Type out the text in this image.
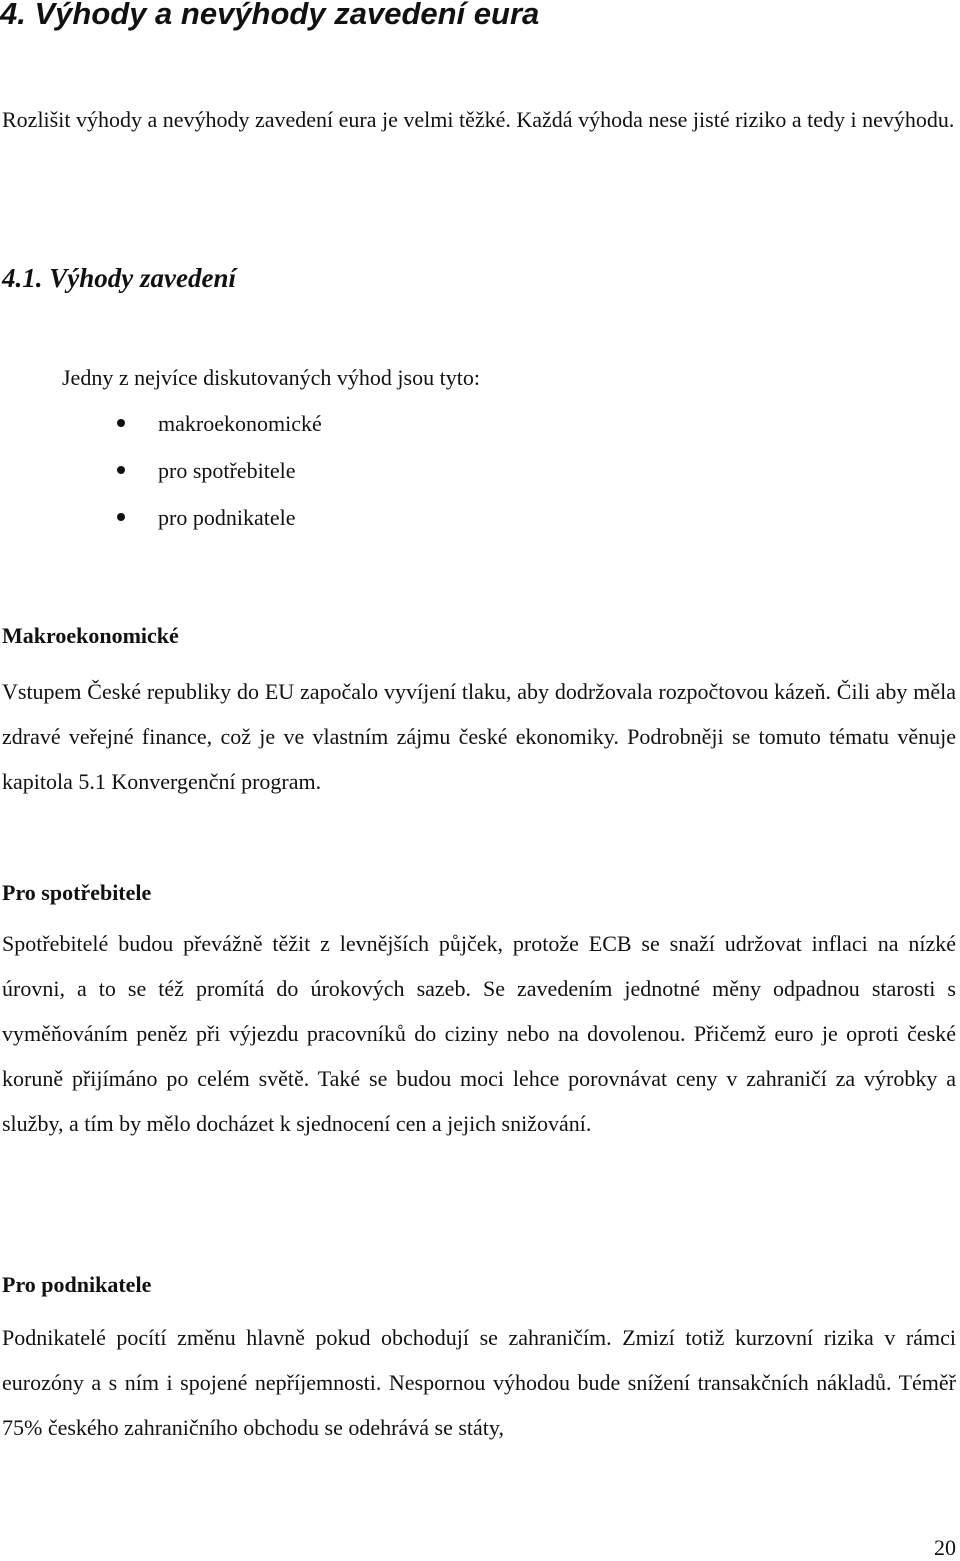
4. Výhody a nevýhody zavedení eura

Rozlišit výhody a nevýhody zavedení eura je velmi těžké. Každá výhoda nese jisté riziko a tedy i nevýhodu.

4.1. Výhody zavedení

Jedny z nejvíce diskutovaných výhod jsou tyto:

makroekonomické
pro spotřebitele
pro podnikatele
Makroekonomické

Vstupem České republiky do EU započalo vyvíjení tlaku, aby dodržovala rozpočtovou kázeň. Čili aby měla zdravé veřejné finance, což je ve vlastním zájmu české ekonomiky. Podrobněji se tomuto tématu věnuje kapitola 5.1 Konvergenční program.

Pro spotřebitele

Spotřebitelé budou převážně těžit z levnějších půjček, protože ECB se snaží udržovat inflaci na nízké úrovni, a to se též promítá do úrokových sazeb. Se zavedením jednotné měny odpadnou starosti s vyměňováním peněz při výjezdu pracovníků do ciziny nebo na dovolenou. Přičemž euro je oproti české koruně přijímáno po celém světě. Také se budou moci lehce porovnávat ceny v zahraničí za výrobky a služby, a tím by mělo docházet k sjednocení cen a jejich snižování.

Pro podnikatele

Podnikatelé pocítí změnu hlavně pokud obchodují se zahraničím. Zmizí totiž kurzovní rizika v rámci eurozóny a s ním i spojené nepříjemnosti. Nespornou výhodou bude snížení transakčních nákladů. Téměř 75% českého zahraničního obchodu se odehrává se státy,

20
